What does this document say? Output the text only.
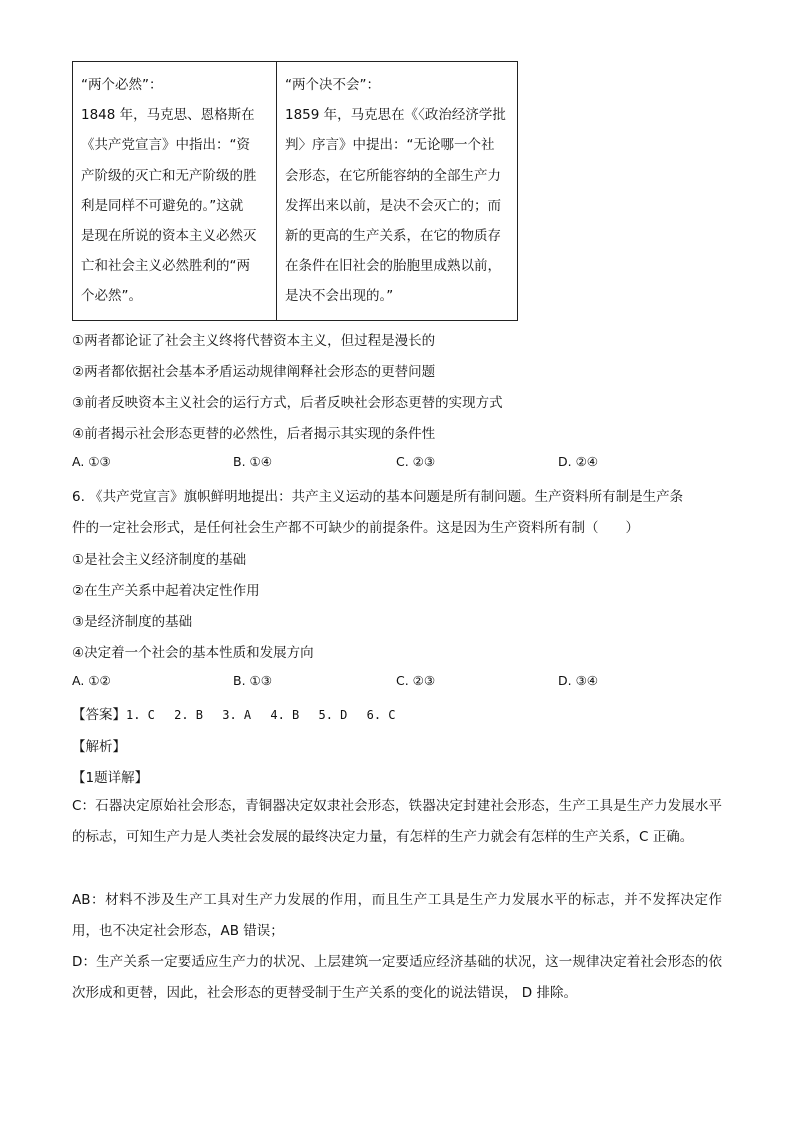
“两个必然”：
1848 年，马克思、恩格斯在
《共产党宣言》中指出：“资
产阶级的灭亡和无产阶级的胜
利是同样不可避免的。”这就
是现在所说的资本主义必然灭
亡和社会主义必然胜利的“两
个必然”。
“两个决不会”：
1859 年，马克思在《〈政治经济学批
判〉序言》中提出：“无论哪一个社
会形态，在它所能容纳的全部生产力
发挥出来以前，是决不会灭亡的；而
新的更高的生产关系，在它的物质存
在条件在旧社会的胎胞里成熟以前，
是决不会出现的。”
①两者都论证了社会主义终将代替资本主义，但过程是漫长的
②两者都依据社会基本矛盾运动规律阐释社会形态的更替问题
③前者反映资本主义社会的运行方式，后者反映社会形态更替的实现方式
④前者揭示社会形态更替的必然性，后者揭示其实现的条件性
A. ①③	B. ①④	C. ②③	D. ②④
6. 《共产党宣言》旗帜鲜明地提出：共产主义运动的基本问题是所有制问题。生产资料所有制是生产条
件的一定社会形式，是任何社会生产都不可缺少的前提条件。这是因为生产资料所有制（　　）
①是社会主义经济制度的基础
②在生产关系中起着决定性作用
③是经济制度的基础
④决定着一个社会的基本性质和发展方向
A. ①②	B. ①③	C. ②③	D. ③④
【答案】1. C　 2. B　 3. A　 4. B　 5. D　 6. C
【解析】
【1题详解】
C：石器决定原始社会形态，青铜器决定奴隶社会形态，铁器决定封建社会形态，生产工具是生产力发展水平的标志，可知生产力是人类社会发展的最终决定力量，有怎样的生产力就会有怎样的生产关系，C 正确。
AB：材料不涉及生产工具对生产力发展的作用，而且生产工具是生产力发展水平的标志，并不发挥决定作用，也不决定社会形态，AB 错误；
D：生产关系一定要适应生产力的状况、上层建筑一定要适应经济基础的状况，这一规律决定着社会形态的依次形成和更替，因此，社会形态的更替受制于生产关系的变化的说法错误， D 排除。
